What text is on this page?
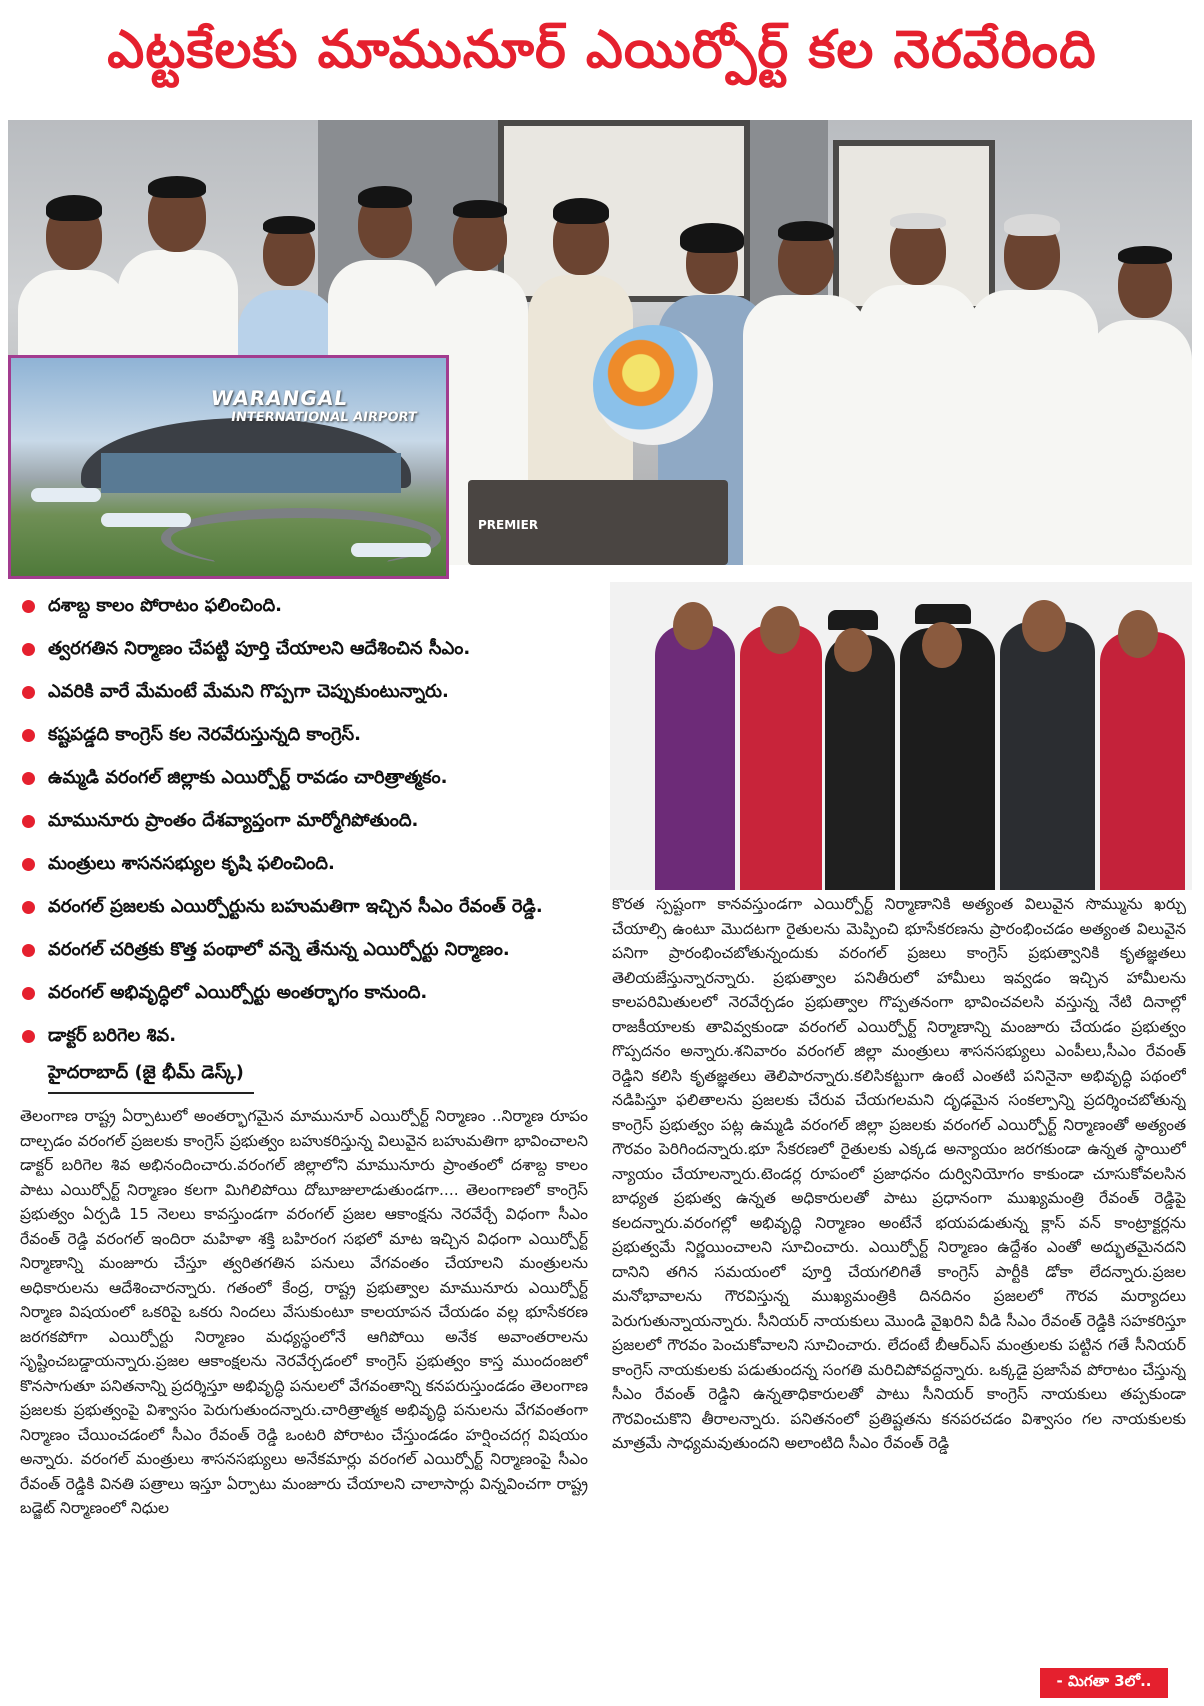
ఎట్టకేలకు మామునూర్ ఎయిర్పోర్ట్ కల నెరవేరింది
PREMIER
WARANGAL
INTERNATIONAL AIRPORT
దశాబ్ద కాలం పోరాటం ఫలించింది.
త్వరగతిన నిర్మాణం చేపట్టి పూర్తి చేయాలని ఆదేశించిన సీఎం.
ఎవరికి వారే మేమంటే మేమని గొప్పగా చెప్పుకుంటున్నారు.
కష్టపడ్డది కాంగ్రెస్ కల నెరవేరుస్తున్నది కాంగ్రెస్.
ఉమ్మడి వరంగల్ జిల్లాకు ఎయిర్పోర్ట్ రావడం చారిత్రాత్మకం.
మామునూరు ప్రాంతం దేశవ్యాప్తంగా మార్మోగిపోతుంది.
మంత్రులు శాసనసభ్యుల కృషి ఫలించింది.
వరంగల్ ప్రజలకు ఎయిర్పోర్టును బహుమతిగా ఇచ్చిన సీఎం రేవంత్ రెడ్డి.
వరంగల్ చరిత్రకు కొత్త పంథాలో వన్నె తేనున్న ఎయిర్పోర్టు నిర్మాణం.
వరంగల్ అభివృద్ధిలో ఎయిర్పోర్టు అంతర్భాగం కానుంది.
డాక్టర్ బరిగెల శివ.
హైదరాబాద్ (జై భీమ్ డెస్క్)

తెలంగాణ రాష్ట్ర ఏర్పాటులో అంతర్భాగమైన మామునూర్ ఎయిర్పోర్ట్ నిర్మాణం ..నిర్మాణ రూపం దాల్చడం వరంగల్ ప్రజలకు కాంగ్రెస్ ప్రభుత్వం బహుకరిస్తున్న విలువైన బహుమతిగా భావించాలని డాక్టర్ బరిగెల శివ అభినందించారు.వరంగల్ జిల్లాలోని మామునూరు ప్రాంతంలో దశాబ్ద కాలం పాటు ఎయిర్పోర్ట్ నిర్మాణం కలగా మిగిలిపోయి దోబూజులాడుతుండగా.... తెలంగాణలో కాంగ్రెస్ ప్రభుత్వం ఏర్పడి 15 నెలలు కావస్తుండగా వరంగల్ ప్రజల ఆకాంక్షను నెరవేర్చే విధంగా సీఎం రేవంత్ రెడ్డి వరంగల్ ఇందిరా మహిళా శక్తి బహిరంగ సభలో మాట ఇచ్చిన విధంగా ఎయిర్పోర్ట్ నిర్మాణాన్ని మంజూరు చేస్తూ త్వరితగతిన పనులు వేగవంతం చేయాలని మంత్రులను అధికారులను ఆదేశించారన్నారు. గతంలో కేంద్ర, రాష్ట్ర ప్రభుత్వాల మామునూరు ఎయిర్పోర్ట్ నిర్మాణ విషయంలో ఒకరిపై ఒకరు నిందలు వేసుకుంటూ కాలయాపన చేయడం వల్ల భూసేకరణ జరగకపోగా ఎయిర్పోర్టు నిర్మాణం మధ్యస్థంలోనే ఆగిపోయి అనేక అవాంతరాలను సృష్టించబడ్డాయన్నారు.ప్రజల ఆకాంక్షలను నెరవేర్చడంలో కాంగ్రెస్ ప్రభుత్వం కాస్త ముందంజలో కొనసాగుతూ పనితనాన్ని ప్రదర్శిస్తూ అభివృద్ధి పనులలో వేగవంతాన్ని కనపరుస్తుండడం తెలంగాణ ప్రజలకు ప్రభుత్వంపై విశ్వాసం పెరుగుతుందన్నారు.చారిత్రాత్మక అభివృద్ధి పనులను వేగవంతంగా నిర్మాణం చేయించడంలో సీఎం రేవంత్ రెడ్డి ఒంటరి పోరాటం చేస్తుండడం హర్షించదగ్గ విషయం అన్నారు. వరంగల్ మంత్రులు శాసనసభ్యులు అనేకమార్లు వరంగల్ ఎయిర్పోర్ట్ నిర్మాణంపై సీఎం రేవంత్ రెడ్డికి వినతి పత్రాలు ఇస్తూ ఏర్పాటు మంజూరు చేయాలని చాలాసార్లు విన్నవించగా రాష్ట్ర బడ్జెట్ నిర్మాణంలో నిధుల

కొరత స్పష్టంగా కానవస్తుండగా ఎయిర్పోర్ట్ నిర్మాణానికి అత్యంత విలువైన సొమ్మును ఖర్చు చేయాల్సి ఉంటూ మొదటగా రైతులను మెప్పించి భూసేకరణను ప్రారంభించడం అత్యంత విలువైన పనిగా ప్రారంభించబోతున్నందుకు వరంగల్ ప్రజలు కాంగ్రెస్ ప్రభుత్వానికి కృతజ్ఞతలు తెలియజేస్తున్నారన్నారు. ప్రభుత్వాల పనితీరులో హామీలు ఇవ్వడం ఇచ్చిన హామీలను కాలపరిమితులలో నెరవేర్చడం ప్రభుత్వాల గొప్పతనంగా భావించవలసి వస్తున్న నేటి దినాల్లో రాజకీయాలకు తావివ్వకుండా వరంగల్ ఎయిర్పోర్ట్ నిర్మాణాన్ని మంజూరు చేయడం ప్రభుత్వం గొప్పదనం అన్నారు.శనివారం వరంగల్ జిల్లా మంత్రులు శాసనసభ్యులు ఎంపీలు,సీఎం రేవంత్ రెడ్డిని కలిసి కృతజ్ఞతలు తెలిపారన్నారు.కలిసికట్టుగా ఉంటే ఎంతటి పనినైనా అభివృద్ధి పథంలో నడిపిస్తూ ఫలితాలను ప్రజలకు చేరువ చేయగలమని దృఢమైన సంకల్పాన్ని ప్రదర్శించబోతున్న కాంగ్రెస్ ప్రభుత్వం పట్ల ఉమ్మడి వరంగల్ జిల్లా ప్రజలకు వరంగల్ ఎయిర్పోర్ట్ నిర్మాణంతో అత్యంత గౌరవం పెరిగిందన్నారు.భూ సేకరణలో రైతులకు ఎక్కడ అన్యాయం జరగకుండా ఉన్నత స్థాయిలో న్యాయం చేయాలన్నారు.టెండర్ల రూపంలో ప్రజాధనం దుర్వినియోగం కాకుండా చూసుకోవలసిన బాధ్యత ప్రభుత్వ ఉన్నత అధికారులతో పాటు ప్రధానంగా ముఖ్యమంత్రి రేవంత్ రెడ్డిపై కలదన్నారు.వరంగల్లో అభివృద్ధి నిర్మాణం అంటేనే భయపడుతున్న క్లాస్ వన్ కాంట్రాక్టర్లను ప్రభుత్వమే నిర్ణయించాలని సూచించారు. ఎయిర్పోర్ట్ నిర్మాణం ఉద్దేశం ఎంతో అద్భుతమైనదని దానిని తగిన సమయంలో పూర్తి చేయగలిగితే కాంగ్రెస్ పార్టీకి డోకా లేదన్నారు.ప్రజల మనోభావాలను గౌరవిస్తున్న ముఖ్యమంత్రికి దినదినం ప్రజలలో గౌరవ మర్యాదలు పెరుగుతున్నాయన్నారు. సీనియర్ నాయకులు మొండి వైఖరిని వీడి సీఎం రేవంత్ రెడ్డికి సహకరిస్తూ ప్రజలలో గౌరవం పెంచుకోవాలని సూచించారు. లేదంటే బీఆర్ఎస్ మంత్రులకు పట్టిన గతే సీనియర్ కాంగ్రెస్ నాయకులకు పడుతుందన్న సంగతి మరిచిపోవద్దన్నారు. ఒక్కడై ప్రజాసేవ పోరాటం చేస్తున్న సీఎం రేవంత్ రెడ్డిని ఉన్నతాధికారులతో పాటు సీనియర్ కాంగ్రెస్ నాయకులు తప్పకుండా గౌరవించుకొని తీరాలన్నారు. పనితనంలో ప్రతిష్టతను కనపరచడం విశ్వాసం గల నాయకులకు మాత్రమే సాధ్యమవుతుందని అలాంటిది సీఎం రేవంత్ రెడ్డి

- మిగతా 3లో..
